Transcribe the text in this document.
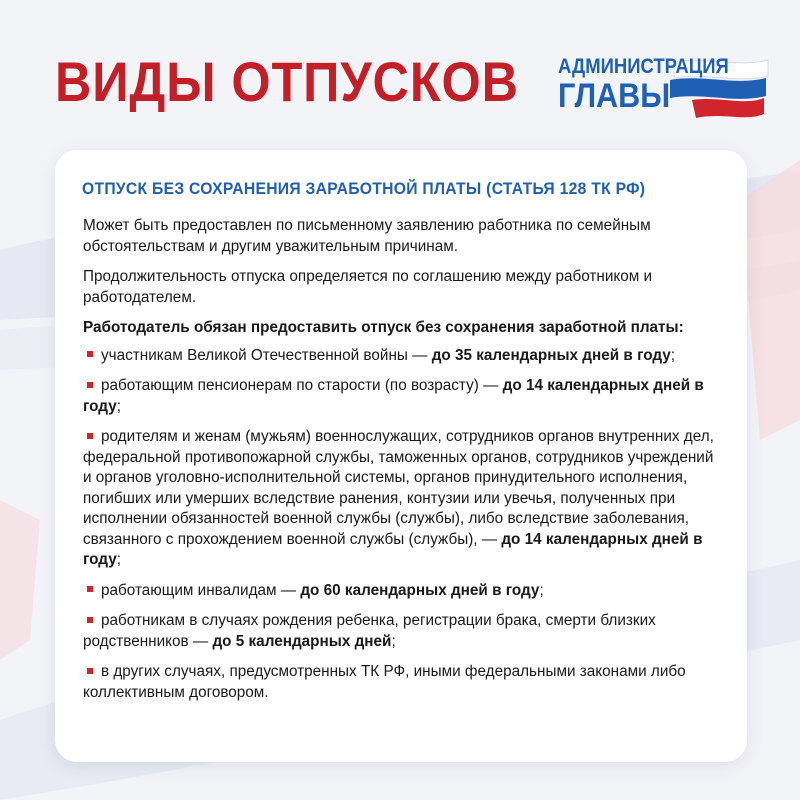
ВИДЫ ОТПУСКОВ АДМИНИСТРАЦИЯ
ГЛАВЫ
ОТПУСК БЕЗ СОХРАНЕНИЯ ЗАРАБОТНОЙ ПЛАТЫ (СТАТЬЯ 128 ТК РФ)

Может быть предоставлен по письменному заявлению работника по семейным обстоятельствам и другим уважительным причинам.

Продолжительность отпуска определяется по соглашению между работником и работодателем.

Работодатель обязан предоставить отпуск без сохранения заработной платы:

участникам Великой Отечественной войны — до 35 календарных дней в году;
работающим пенсионерам по старости (по возрасту) — до 14 календарных дней в году;
родителям и женам (мужьям) военнослужащих, сотрудников органов внутренних дел, федеральной противопожарной службы, таможенных органов, сотрудников учреждений и органов уголовно-исполнительной системы, органов принудительного исполнения, погибших или умерших вследствие ранения, контузии или увечья, полученных при исполнении обязанностей военной службы (службы), либо вследствие заболевания, связанного с прохождением военной службы (службы), — до 14 календарных дней в году;
работающим инвалидам — до 60 календарных дней в году;
работникам в случаях рождения ребенка, регистрации брака, смерти близких родственников — до 5 календарных дней;
в других случаях, предусмотренных ТК РФ, иными федеральными законами либо коллективным договором.
